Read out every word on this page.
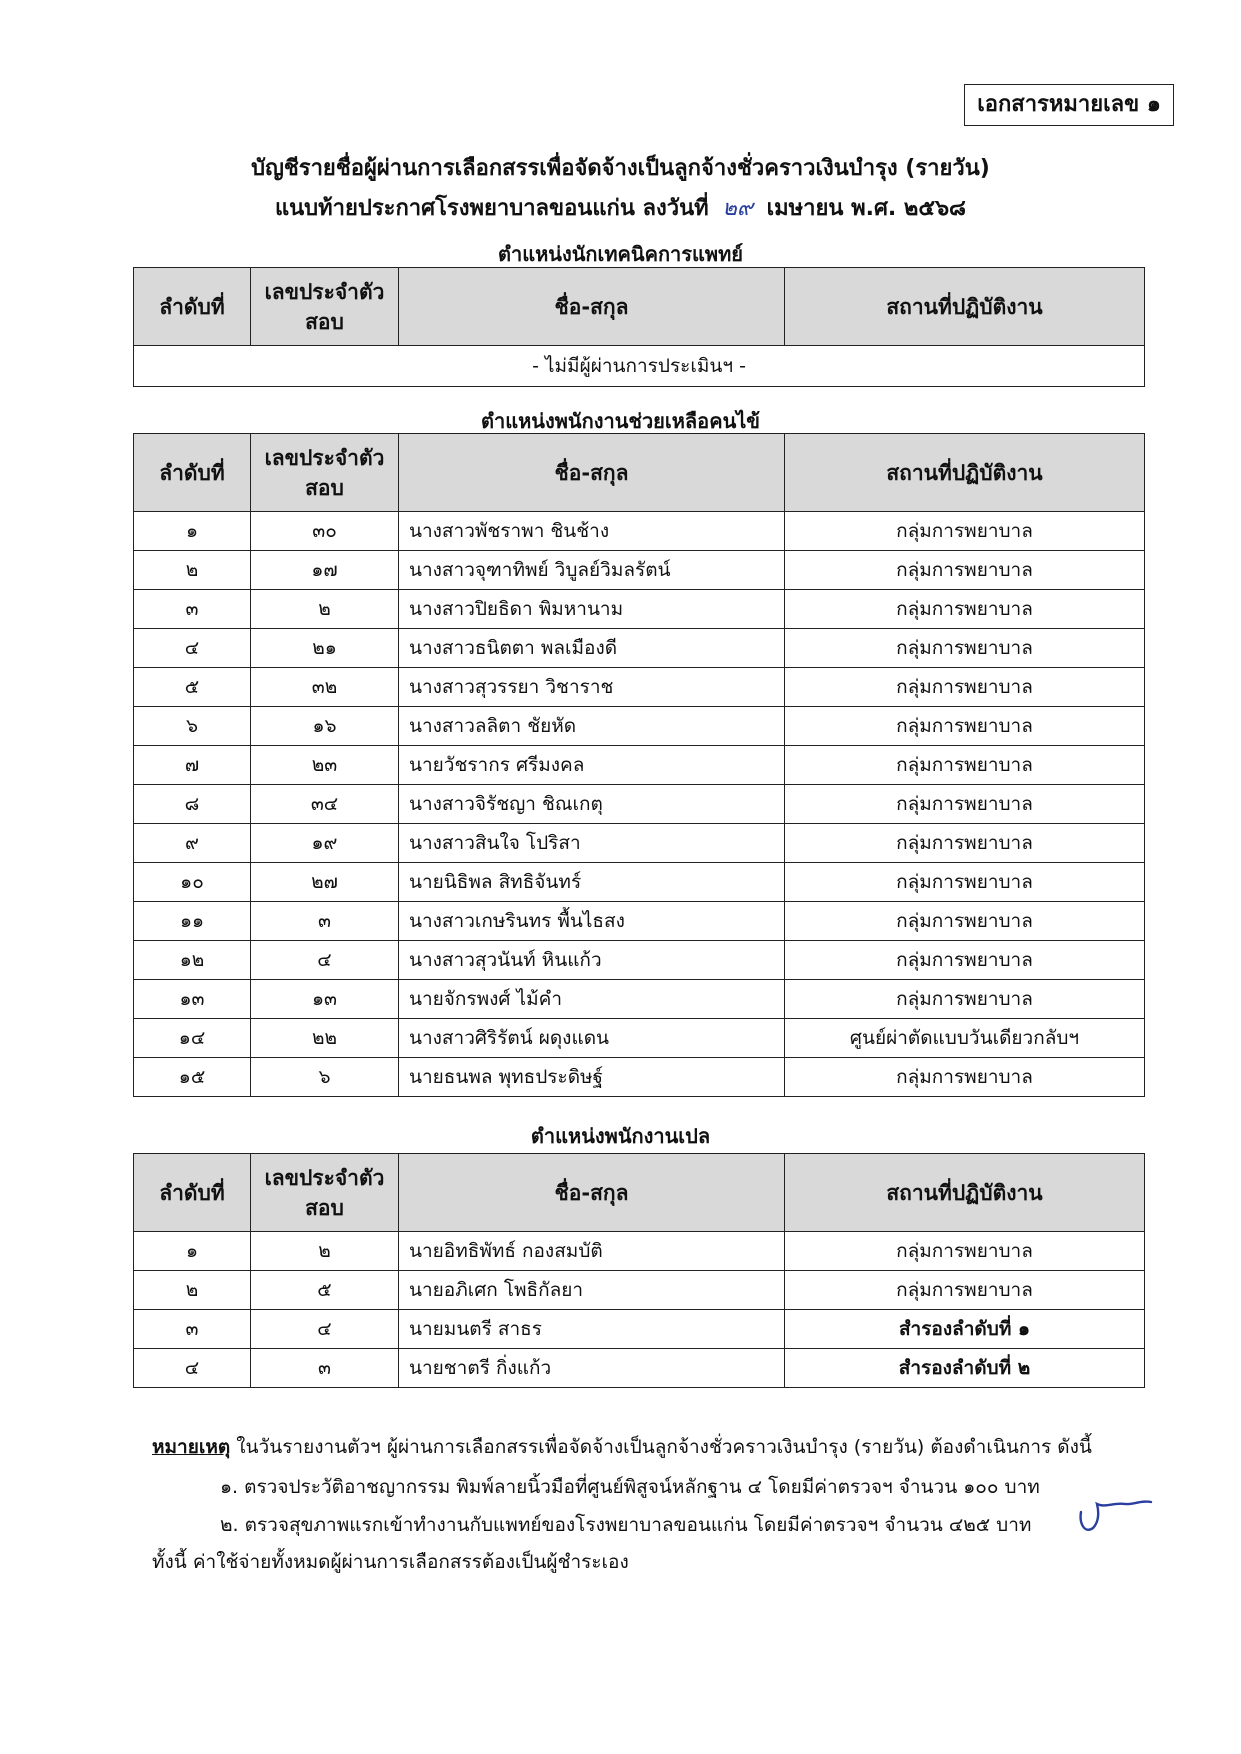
เอกสารหมายเลข ๑
บัญชีรายชื่อผู้ผ่านการเลือกสรรเพื่อจัดจ้างเป็นลูกจ้างชั่วคราวเงินบำรุง (รายวัน)
แนบท้ายประกาศโรงพยาบาลขอนแก่น ลงวันที่ ๒๙ เมษายน พ.ศ. ๒๕๖๘
ตำแหน่งนักเทคนิคการแพทย์
ลำดับที่	เลขประจำตัว สอบ	ชื่อ-สกุล	สถานที่ปฏิบัติงาน
- ไม่มีผู้ผ่านการประเมินฯ -
ตำแหน่งพนักงานช่วยเหลือคนไข้
ลำดับที่	เลขประจำตัว สอบ	ชื่อ-สกุล	สถานที่ปฏิบัติงาน
๑	๓๐	นางสาวพัชราพา ชินช้าง	กลุ่มการพยาบาล
๒	๑๗	นางสาวจุฑาทิพย์ วิบูลย์วิมลรัตน์	กลุ่มการพยาบาล
๓	๒	นางสาวปิยธิดา พิมหานาม	กลุ่มการพยาบาล
๔	๒๑	นางสาวธนิตตา พลเมืองดี	กลุ่มการพยาบาล
๕	๓๒	นางสาวสุวรรยา วิชาราช	กลุ่มการพยาบาล
๖	๑๖	นางสาวลลิตา ชัยหัด	กลุ่มการพยาบาล
๗	๒๓	นายวัชรากร ศรีมงคล	กลุ่มการพยาบาล
๘	๓๔	นางสาวจิรัชญา ชิณเกตุ	กลุ่มการพยาบาล
๙	๑๙	นางสาวสินใจ โปริสา	กลุ่มการพยาบาล
๑๐	๒๗	นายนิธิพล สิทธิจันทร์	กลุ่มการพยาบาล
๑๑	๓	นางสาวเกษรินทร พื้นไธสง	กลุ่มการพยาบาล
๑๒	๔	นางสาวสุวนันท์ หินแก้ว	กลุ่มการพยาบาล
๑๓	๑๓	นายจักรพงศ์ ไม้คำ	กลุ่มการพยาบาล
๑๔	๒๒	นางสาวศิริรัตน์ ผดุงแดน	ศูนย์ผ่าตัดแบบวันเดียวกลับฯ
๑๕	๖	นายธนพล พุทธประดิษฐ์	กลุ่มการพยาบาล
ตำแหน่งพนักงานเปล
ลำดับที่	เลขประจำตัว สอบ	ชื่อ-สกุล	สถานที่ปฏิบัติงาน
๑	๒	นายอิทธิพัทธ์ กองสมบัติ	กลุ่มการพยาบาล
๒	๕	นายอภิเศก โพธิกัลยา	กลุ่มการพยาบาล
๓	๔	นายมนตรี สาธร	สำรองลำดับที่ ๑
๔	๓	นายชาตรี กิ่งแก้ว	สำรองลำดับที่ ๒
หมายเหตุ ในวันรายงานตัวฯ ผู้ผ่านการเลือกสรรเพื่อจัดจ้างเป็นลูกจ้างชั่วคราวเงินบำรุง (รายวัน) ต้องดำเนินการ ดังนี้
๑. ตรวจประวัติอาชญากรรม พิมพ์ลายนิ้วมือที่ศูนย์พิสูจน์หลักฐาน ๔ โดยมีค่าตรวจฯ จำนวน ๑๐๐ บาท
๒. ตรวจสุขภาพแรกเข้าทำงานกับแพทย์ของโรงพยาบาลขอนแก่น โดยมีค่าตรวจฯ จำนวน ๔๒๕ บาท
ทั้งนี้ ค่าใช้จ่ายทั้งหมดผู้ผ่านการเลือกสรรต้องเป็นผู้ชำระเอง
